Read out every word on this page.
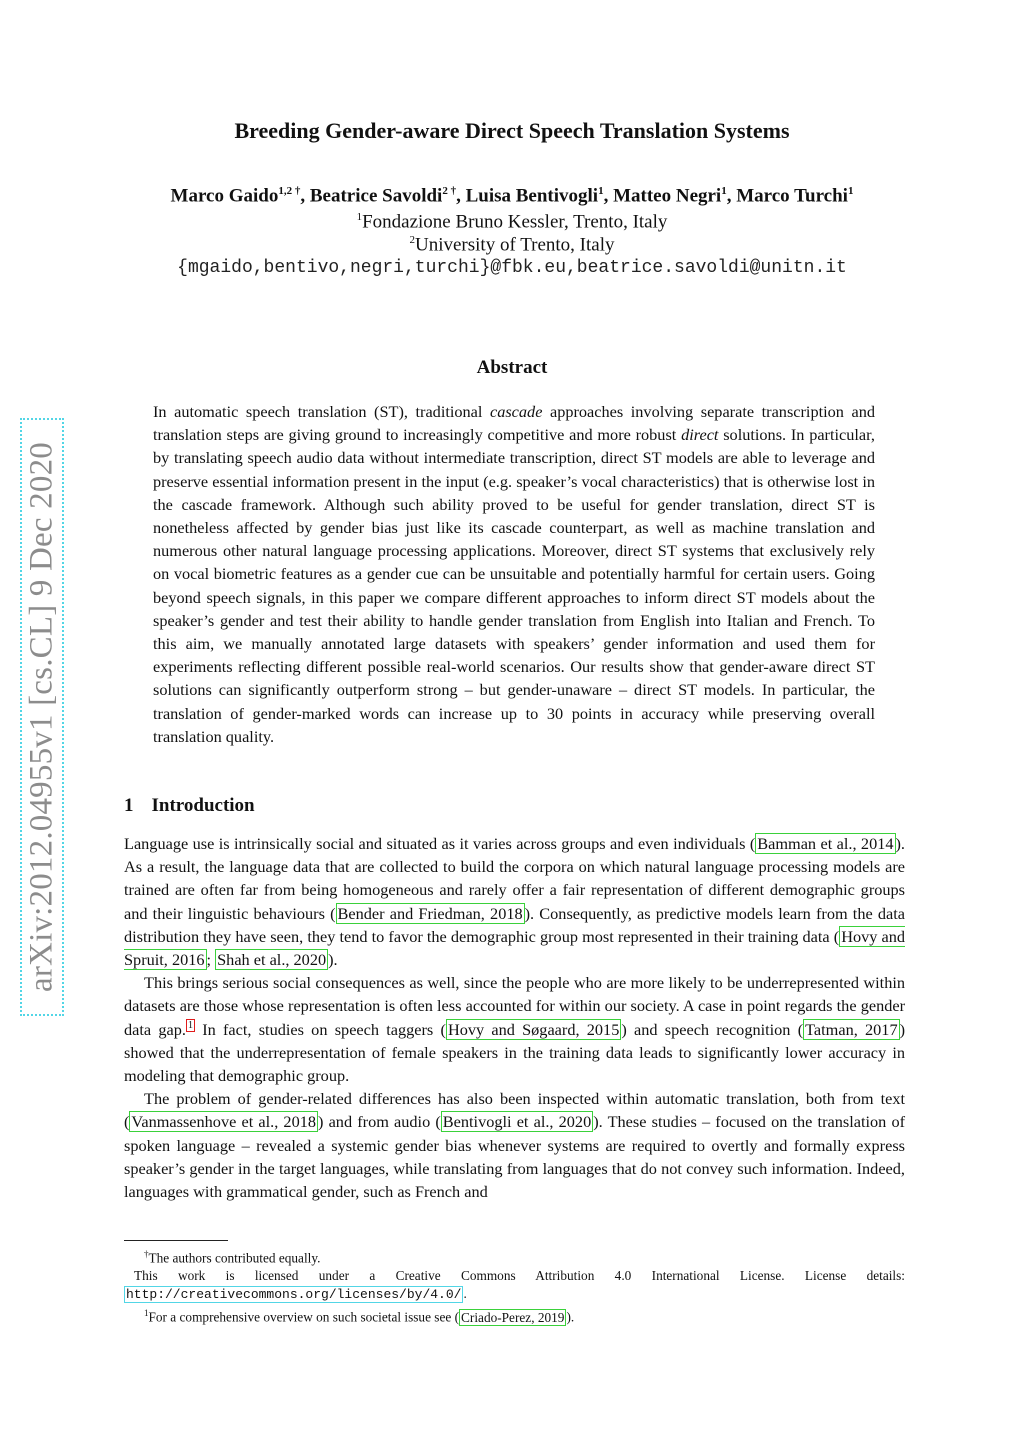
arXiv:2012.04955v1 [cs.CL] 9 Dec 2020
Breeding Gender-aware Direct Speech Translation Systems
Marco Gaido$^{1,2 \dagger}$, Beatrice Savoldi$^{2 \dagger}$, Luisa Bentivogli$^1$, Matteo Negri$^1$, Marco Turchi$^1$
$^1$Fondazione Bruno Kessler, Trento, Italy
$^2$University of Trento, Italy
{mgaido,bentivo,negri,turchi}@fbk.eu,beatrice.savoldi@unitn.it
Abstract
In automatic speech translation (ST), traditional cascade approaches involving separate transcription and translation steps are giving ground to increasingly competitive and more robust direct solutions. In particular, by translating speech audio data without intermediate transcription, direct ST models are able to leverage and preserve essential information present in the input (e.g. speaker’s vocal characteristics) that is otherwise lost in the cascade framework. Although such ability proved to be useful for gender translation, direct ST is nonetheless affected by gender bias just like its cascade counterpart, as well as machine translation and numerous other natural language processing applications. Moreover, direct ST systems that exclusively rely on vocal biometric features as a gender cue can be unsuitable and potentially harmful for certain users. Going beyond speech signals, in this paper we compare different approaches to inform direct ST models about the speaker’s gender and test their ability to handle gender translation from English into Italian and French. To this aim, we manually annotated large datasets with speakers’ gender information and used them for experiments reflecting different possible real-world scenarios. Our results show that gender-aware direct ST solutions can significantly outperform strong – but gender-unaware – direct ST models. In particular, the translation of gender-marked words can increase up to 30 points in accuracy while preserving overall translation quality.
1 Introduction

Language use is intrinsically social and situated as it varies across groups and even individuals ( Bamman et al., 2014 ). As a result, the language data that are collected to build the corpora on which natural language processing models are trained are often far from being homogeneous and rarely offer a fair representation of different demographic groups and their linguistic behaviours ( Bender and Friedman, 2018 ). Consequently, as predictive models learn from the data distribution they have seen, they tend to favor the demographic group most represented in their training data ( Hovy and Spruit, 2016 ; Shah et al., 2020 ).

This brings serious social consequences as well, since the people who are more likely to be underrepresented within datasets are those whose representation is often less accounted for within our society. A case in point regards the gender data gap. $^1$ In fact, studies on speech taggers ( Hovy and Søgaard, 2015 ) and speech recognition ( Tatman, 2017 ) showed that the underrepresentation of female speakers in the training data leads to significantly lower accuracy in modeling that demographic group.

The problem of gender-related differences has also been inspected within automatic translation, both from text ( Vanmassenhove et al., 2018 ) and from audio ( Bentivogli et al., 2020 ). These studies – focused on the translation of spoken language – revealed a systemic gender bias whenever systems are required to overtly and formally express speaker’s gender in the target languages, while translating from languages that do not convey such information. Indeed, languages with grammatical gender, such as French and

†The authors contributed equally.

This work is licensed under a Creative Commons Attribution 4.0 International License. License details:

http://creativecommons.org/licenses/by/4.0/ .

$^1$For a comprehensive overview on such societal issue see ( Criado-Perez, 2019 ).
